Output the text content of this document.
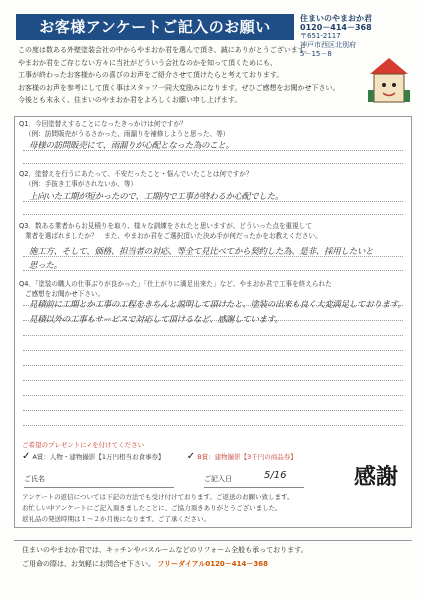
お客様アンケートご記入のお願い	住まいのやまおか君
0120－414－368
〒651-2117
神戸市西区北別府
5－15－8

この度は数ある外壁塗装会社の中からやまおか君を選んで頂き、誠にありがとうございます。

やまおか君をご存じない方々に当社がどういう会社なのかを知って頂くためにも、

工事が終わったお客様からの喜びのお声をご紹介させて頂けたらと考えております。

お客様のお声を参考にして頂く事はスタッフ一同大変励みになります。ぜひご感想をお聞かせ下さい。

今後とも末永く、住まいのやまおか君をよろしくお願い申し上げます。

Q1．今回塗替えすることになったきっかけは何ですか？
（例：訪問販売がうるさかった、雨漏りを補修しようと思った、等）
母様の訪問販売にて、雨漏りが心配となった為のこと。
Q2．塗替えを行うにあたって、不安だったこと・悩んでいたことは何ですか？
（例：手抜き工事がされないか、等）
上向いた工期が短かったので、工期内で工事が終わるか心配でした。
Q3．数ある業者からお見積りを取り、様々な訓練をされたと思いますが、どういった点を重視して
業者を選ばれましたか？　また、やまおか君をご選択頂いた決め手が何だったかをお教えください。
施工方、そして、価格、担当者の対応、等全て見比べてから契約した為、是非、採用したいと
思った。
Q4．「塗装の職人の仕事ぶりが良かった」「仕上がりに満足出来た」など、やまおか君で工事を終えられた
ご感想をお聞かせ下さい。
見積前に工期とか工事の工程をきちんと説明して頂けたと、塗装の出来も良く大変満足しております。
見積以外の工事もサービスで対応して頂けるなど、感謝しています。
ご希望のプレゼントに✓を付けてください
✓ A賞：人物・建物撮影【1万円相当お食事券】 ✓ B賞：建物撮影【3千円の商品券】
ご氏名	ご記入日	5/16
アンケートの返信については下記の方法でも受け付けております。ご返送のお願い致します。
お忙しい中アンケートにご記入頂きましたことに、ご協力頂きありがとうございました。
返礼品の発送時期は１～２か月後になります。ご了承ください。
感謝

住まいのやまおか君では、キッチンやバスルームなどのリフォーム全般も承っております。

ご用命の際は、お気軽にお問合せ下さい。 フリーダイアル0120－414－368
